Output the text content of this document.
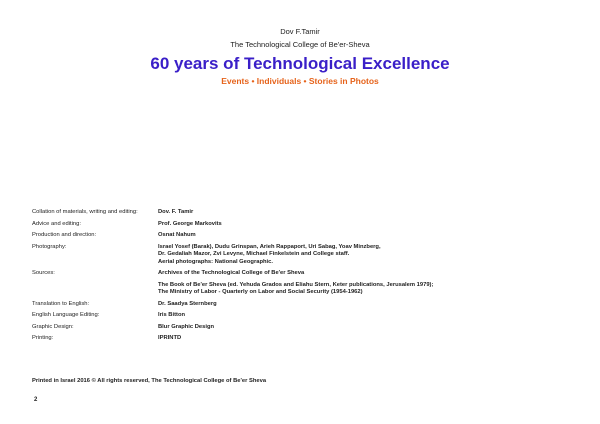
Dov F.Tamir
The Technological College of Be'er-Sheva
60 years of Technological Excellence
Events • Individuals • Stories in Photos
Collation of materials, writing and editing:	Dov. F. Tamir

Advice and editing:	Prof. George Markovits

Production and direction:	Osnat Nahum

Photography:	Israel Yosef (Barak), Dudu Grinspan, Arieh Rappaport, Uri Sabag, Yoav Minzberg,

Dr. Gedaliah Mazor, Zvi Levyne, Michael Finkelstein and College staff.

Aerial photographs: National Geographic.

Sources:	Archives of the Technological College of Be'er Sheva

The Book of Be'er Sheva (ed. Yehuda Grados and Eliahu Stern, Keter publications, Jerusalem 1979);

The Ministry of Labor - Quarterly on Labor and Social Security (1954-1962)

Translation to English:	Dr. Saadya Sternberg

English Language Editing:	Iris Bitton

Graphic Design:	Blur Graphic Design

Printing:	IPRINTD

Printed in Israel 2016 © All rights reserved, The Technological College of Be'er Sheva
2
